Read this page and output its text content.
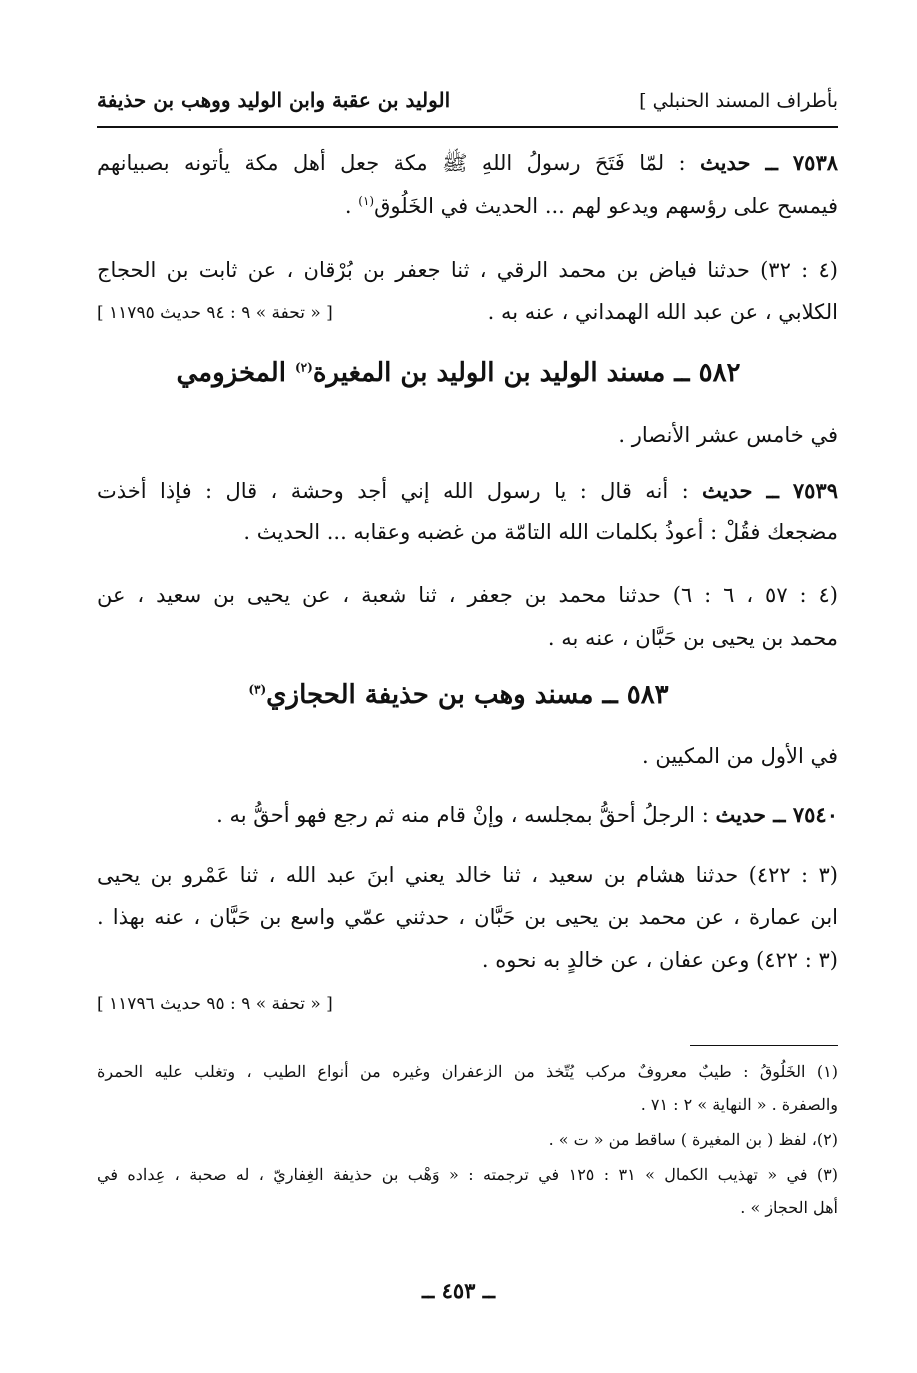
بأطراف المسند الحنبلي ]
الوليد بن عقبة وابن الوليد ووهب بن حذيفة
٧٥٣٨ ــ حديث : لمّا فَتَحَ رسولُ اللهِ ﷺ مكة جعل أهل مكة يأتونه بصبيانهم
فيمسح على رؤسهم ويدعو لهم ... الحديث في الخَلُوق$^{(١)}$ .
(٤ : ٣٢) حدثنا فياض بن محمد الرقي ، ثنا جعفر بن بُرْقان ، عن ثابت بن الحجاج
الكلابي ، عن عبد الله الهمداني ، عنه به .
[ « تحفة » ٩ : ٩٤ حديث ١١٧٩٥ ]
٥٨٢ ــ مسند الوليد بن الوليد بن المغيرة$^{(٢)}$ المخزومي
في خامس عشر الأنصار .
٧٥٣٩ ــ حديث : أنه قال : يا رسول الله إني أجد وحشة ، قال : فإذا أخذت
مضجعك فقُلْ : أعوذُ بكلمات الله التامّة من غضبه وعقابه ... الحديث .
(٤ : ٥٧ ، ٦ : ٦) حدثنا محمد بن جعفر ، ثنا شعبة ، عن يحيى بن سعيد ، عن
محمد بن يحيى بن حَبَّان ، عنه به .
٥٨٣ ــ مسند وهب بن حذيفة الحجازي$^{(٣)}$
في الأول من المكيين .
٧٥٤٠ ــ حديث : الرجلُ أحقُّ بمجلسه ، وإنْ قام منه ثم رجع فهو أحقُّ به .
(٣ : ٤٢٢) حدثنا هشام بن سعيد ، ثنا خالد يعني ابنَ عبد الله ، ثنا عَمْرو بن يحيى
ابن عمارة ، عن محمد بن يحيى بن حَبَّان ، حدثني عمّي واسع بن حَبَّان ، عنه بهذا .
(٣ : ٤٢٢) وعن عفان ، عن خالدٍ به نحوه .
[ « تحفة » ٩ : ٩٥ حديث ١١٧٩٦ ]
(١) الخَلُوقُ : طيبٌ معروفٌ مركب يُتّخذ من الزعفران وغيره من أنواع الطيب ، وتغلب عليه الحمرة
والصفرة . « النهاية » ٢ : ٧١ .
(٢)، لفظ ( بن المغيرة ) ساقط من « ت » .
(٣) في « تهذيب الكمال » ٣١ : ١٢٥ في ترجمته : « وَهْب بن حذيفة الغِفاريّ ، له صحبة ، عِداده في
أهل الحجاز » .
ــ ٤٥٣ ــ
